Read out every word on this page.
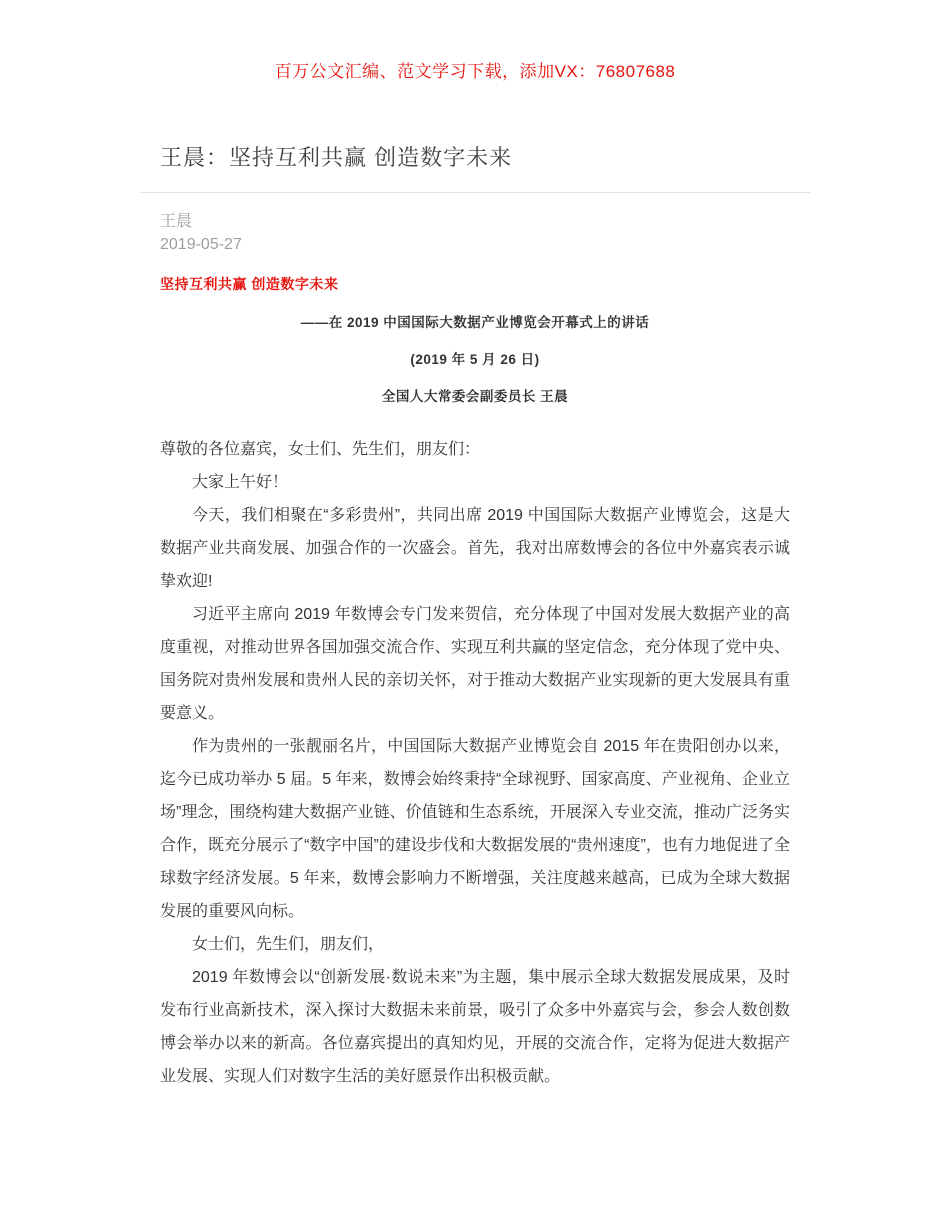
百万公文汇编、范文学习下载，添加VX：76807688
王晨：坚持互利共赢 创造数字未来
王晨
2019-05-27
坚持互利共赢 创造数字未来
——在 2019 中国国际大数据产业博览会开幕式上的讲话
(2019 年 5 月 26 日)
全国人大常委会副委员长 王晨

尊敬的各位嘉宾，女士们、先生们，朋友们：

大家上午好！

今天，我们相聚在“多彩贵州”，共同出席 2019 中国国际大数据产业博览会，这是大数据产业共商发展、加强合作的一次盛会。首先，我对出席数博会的各位中外嘉宾表示诚挚欢迎!

习近平主席向 2019 年数博会专门发来贺信，充分体现了中国对发展大数据产业的高度重视，对推动世界各国加强交流合作、实现互利共赢的坚定信念，充分体现了党中央、国务院对贵州发展和贵州人民的亲切关怀，对于推动大数据产业实现新的更大发展具有重要意义。

作为贵州的一张靓丽名片，中国国际大数据产业博览会自 2015 年在贵阳创办以来，迄今已成功举办 5 届。5 年来，数博会始终秉持“全球视野、国家高度、产业视角、企业立场”理念，围绕构建大数据产业链、价值链和生态系统，开展深入专业交流，推动广泛务实合作，既充分展示了“数字中国”的建设步伐和大数据发展的“贵州速度”，也有力地促进了全球数字经济发展。5 年来，数博会影响力不断增强，关注度越来越高，已成为全球大数据发展的重要风向标。

女士们，先生们，朋友们，

2019 年数博会以“创新发展·数说未来”为主题，集中展示全球大数据发展成果，及时发布行业高新技术，深入探讨大数据未来前景，吸引了众多中外嘉宾与会，参会人数创数博会举办以来的新高。各位嘉宾提出的真知灼见，开展的交流合作，定将为促进大数据产业发展、实现人们对数字生活的美好愿景作出积极贡献。
